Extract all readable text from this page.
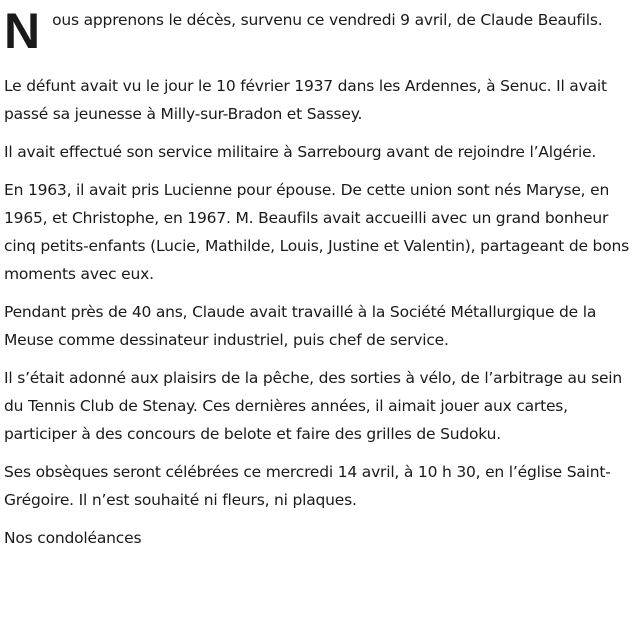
N ous apprenons le décès, survenu ce vendredi 9 avril, de Claude Beaufils.

Le défunt avait vu le jour le 10 février 1937 dans les Ardennes, à Senuc. Il avait passé sa jeunesse à Milly-sur-Bradon et Sassey.

Il avait effectué son service militaire à Sarrebourg avant de rejoindre l’Algérie.

En 1963, il avait pris Lucienne pour épouse. De cette union sont nés Maryse, en 1965, et Christophe, en 1967. M. Beaufils avait accueilli avec un grand bonheur cinq petits-enfants (Lucie, Mathilde, Louis, Justine et Valentin), partageant de bons moments avec eux.

Pendant près de 40 ans, Claude avait travaillé à la Société Métallurgique de la Meuse comme dessinateur industriel, puis chef de service.

Il s’était adonné aux plaisirs de la pêche, des sorties à vélo, de l’arbitrage au sein du Tennis Club de Stenay. Ces dernières années, il aimait jouer aux cartes, participer à des concours de belote et faire des grilles de Sudoku.

Ses obsèques seront célébrées ce mercredi 14 avril, à 10 h 30, en l’église Saint-Grégoire. Il n’est souhaité ni fleurs, ni plaques.

Nos condoléances
